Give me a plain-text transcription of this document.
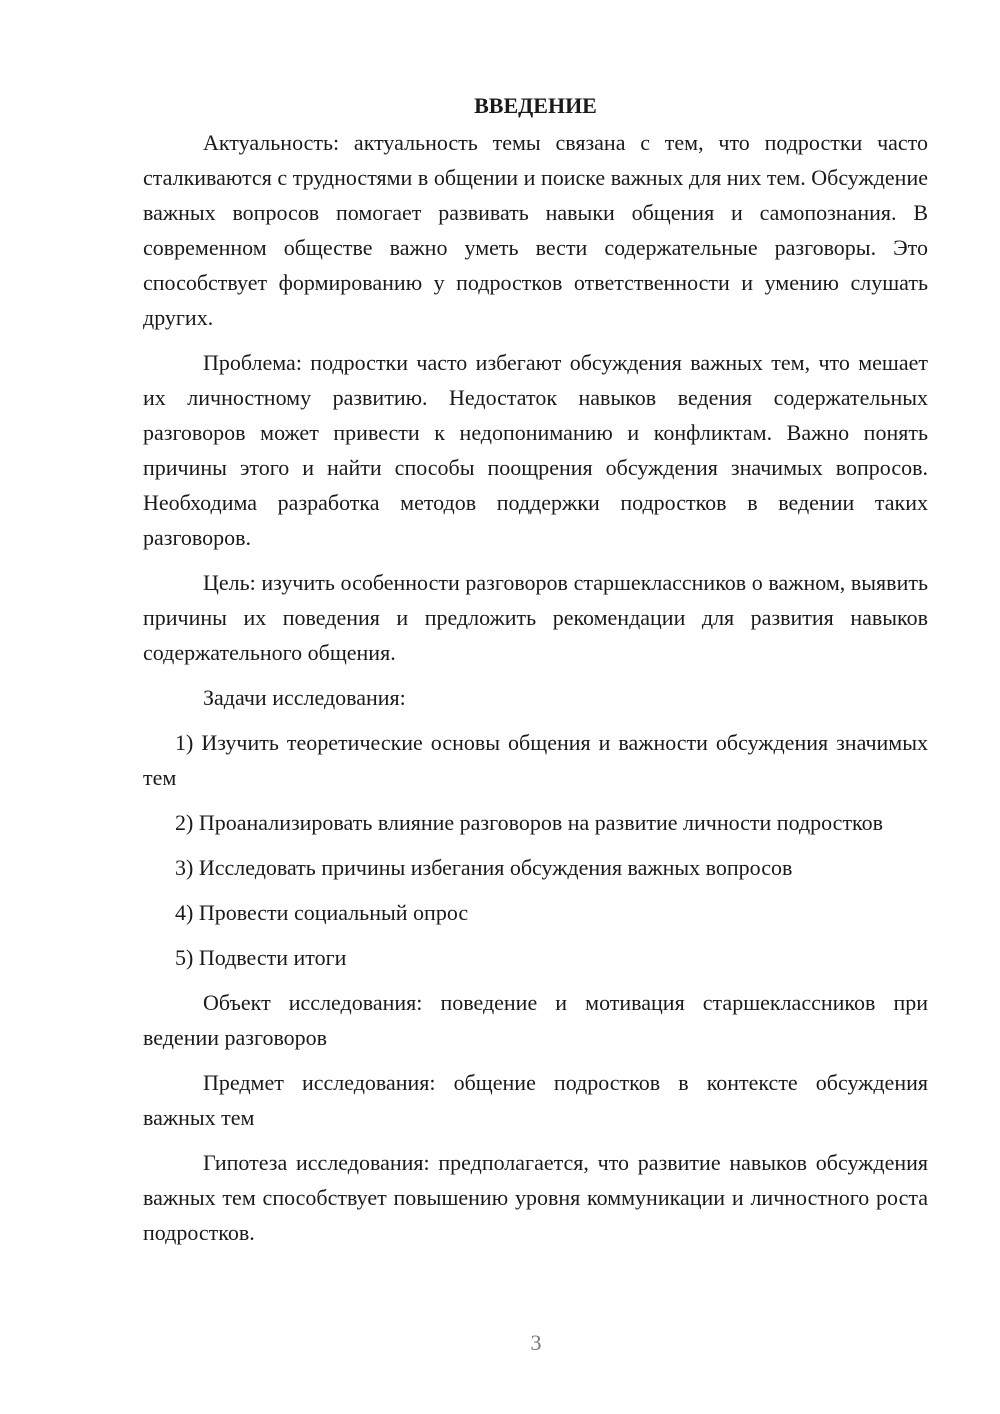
ВВЕДЕНИЕ

Актуальность: актуальность темы связана с тем, что подростки часто сталкиваются с трудностями в общении и поиске важных для них тем. Обсуждение важных вопросов помогает развивать навыки общения и самопознания. В современном обществе важно уметь вести содержательные разговоры. Это способствует формированию у подростков ответственности и умению слушать других.

Проблема: подростки часто избегают обсуждения важных тем, что мешает их личностному развитию. Недостаток навыков ведения содержательных разговоров может привести к недопониманию и конфликтам. Важно понять причины этого и найти способы поощрения обсуждения значимых вопросов. Необходима разработка методов поддержки подростков в ведении таких разговоров.

Цель: изучить особенности разговоров старшеклассников о важном, выявить причины их поведения и предложить рекомендации для развития навыков содержательного общения.

Задачи исследования:

1) Изучить теоретические основы общения и важности обсуждения значимых тем

2) Проанализировать влияние разговоров на развитие личности подростков

3) Исследовать причины избегания обсуждения важных вопросов

4) Провести социальный опрос

5) Подвести итоги

Объект исследования: поведение и мотивация старшеклассников при ведении разговоров

Предмет исследования: общение подростков в контексте обсуждения важных тем

Гипотеза исследования: предполагается, что развитие навыков обсуждения важных тем способствует повышению уровня коммуникации и личностного роста подростков.

3
